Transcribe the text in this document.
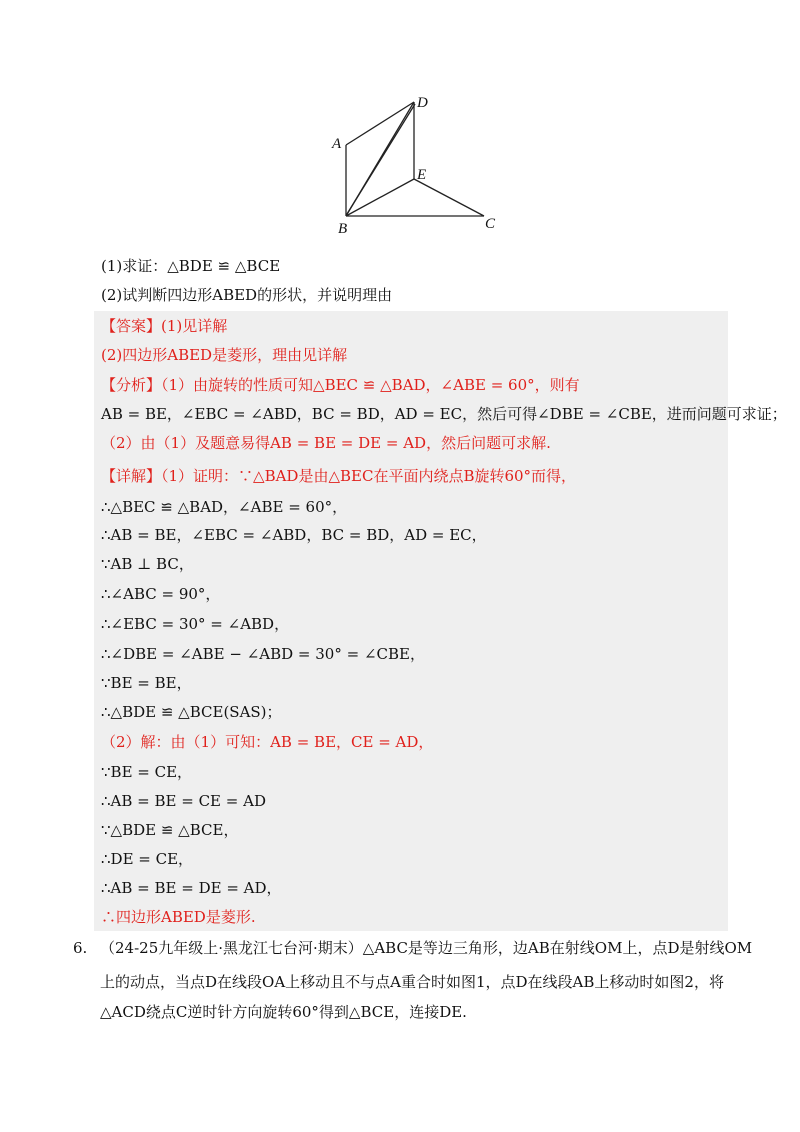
A
B	C
D
E
(1)求证：△BDE ≌ △BCE
(2)试判断四边形ABED的形状，并说明理由
【答案】(1)见详解
(2)四边形ABED是菱形，理由见详解
【分析】（1）由旋转的性质可知△BEC ≌ △BAD，∠ABE = 60°，则有
AB = BE，∠EBC = ∠ABD，BC = BD，AD = EC，然后可得∠DBE = ∠CBE，进而问题可求证；
（2）由（1）及题意易得AB = BE = DE = AD，然后问题可求解.
【详解】（1）证明：∵△BAD是由△BEC在平面内绕点B旋转60°而得，
∴△BEC ≌ △BAD，∠ABE = 60°，
∴AB = BE，∠EBC = ∠ABD，BC = BD，AD = EC，
∵AB ⊥ BC，
∴∠ABC = 90°，
∴∠EBC = 30° = ∠ABD，
∴∠DBE = ∠ABE − ∠ABD = 30° = ∠CBE，
∵BE = BE，
∴△BDE ≌ △BCE(SAS)；
（2）解：由（1）可知：AB = BE，CE = AD，
∵BE = CE，
∴AB = BE = CE = AD
∵△BDE ≌ △BCE，
∴DE = CE，
∴AB = BE = DE = AD，
∴四边形ABED是菱形.
6. （24-25九年级上·黑龙江七台河·期末）△ABC是等边三角形，边AB在射线OM上，点D是射线OM
上的动点，当点D在线段OA上移动且不与点A重合时如图1，点D在线段AB上移动时如图2，将
△ACD绕点C逆时针方向旋转60°得到△BCE，连接DE.
